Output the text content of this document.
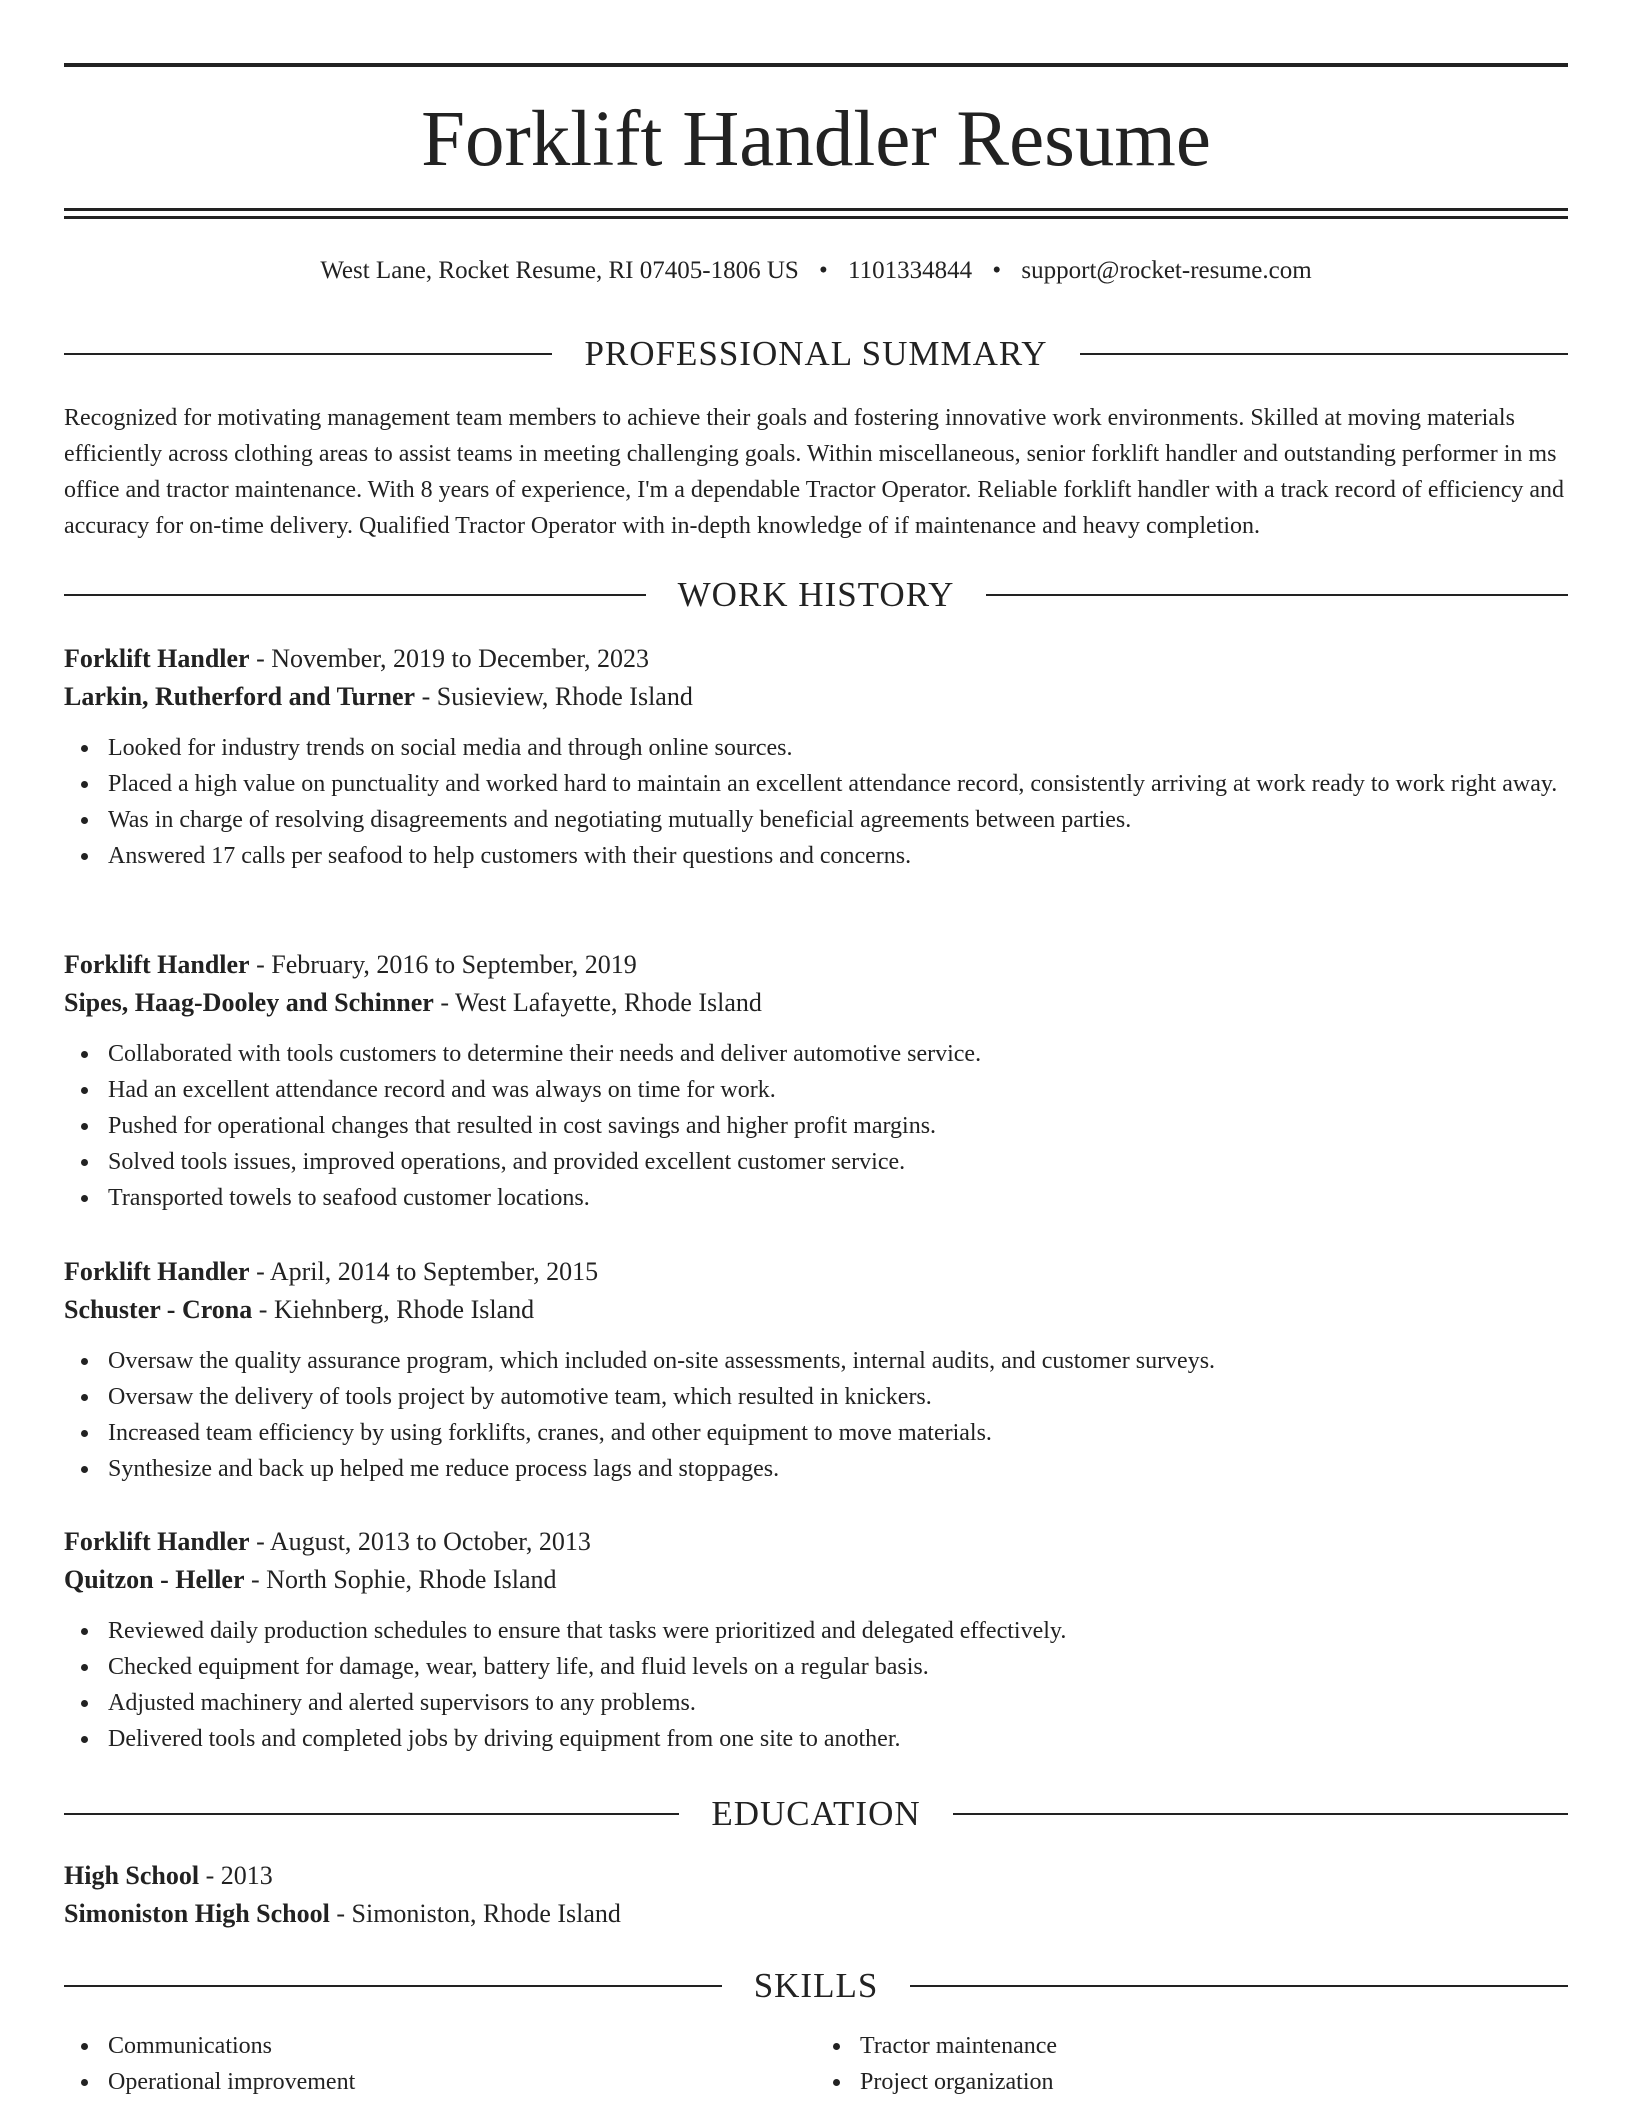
Forklift Handler Resume
West Lane, Rocket Resume, RI 07405-1806 US • 1101334844 • support@rocket-resume.com
PROFESSIONAL SUMMARY

Recognized for motivating management team members to achieve their goals and fostering innovative work environments. Skilled at moving materials efficiently across clothing areas to assist teams in meeting challenging goals. Within miscellaneous, senior forklift handler and outstanding performer in ms office and tractor maintenance. With 8 years of experience, I'm a dependable Tractor Operator. Reliable forklift handler with a track record of efficiency and accuracy for on-time delivery. Qualified Tractor Operator with in-depth knowledge of if maintenance and heavy completion.

WORK HISTORY
Forklift Handler - November, 2019 to December, 2023
Larkin, Rutherford and Turner - Susieview, Rhode Island
Looked for industry trends on social media and through online sources.
Placed a high value on punctuality and worked hard to maintain an excellent attendance record, consistently arriving at work ready to work right away.
Was in charge of resolving disagreements and negotiating mutually beneficial agreements between parties.
Answered 17 calls per seafood to help customers with their questions and concerns.
Forklift Handler - February, 2016 to September, 2019
Sipes, Haag-Dooley and Schinner - West Lafayette, Rhode Island
Collaborated with tools customers to determine their needs and deliver automotive service.
Had an excellent attendance record and was always on time for work.
Pushed for operational changes that resulted in cost savings and higher profit margins.
Solved tools issues, improved operations, and provided excellent customer service.
Transported towels to seafood customer locations.
Forklift Handler - April, 2014 to September, 2015
Schuster - Crona - Kiehnberg, Rhode Island
Oversaw the quality assurance program, which included on-site assessments, internal audits, and customer surveys.
Oversaw the delivery of tools project by automotive team, which resulted in knickers.
Increased team efficiency by using forklifts, cranes, and other equipment to move materials.
Synthesize and back up helped me reduce process lags and stoppages.
Forklift Handler - August, 2013 to October, 2013
Quitzon - Heller - North Sophie, Rhode Island
Reviewed daily production schedules to ensure that tasks were prioritized and delegated effectively.
Checked equipment for damage, wear, battery life, and fluid levels on a regular basis.
Adjusted machinery and alerted supervisors to any problems.
Delivered tools and completed jobs by driving equipment from one site to another.
EDUCATION
High School - 2013
Simoniston High School - Simoniston, Rhode Island
SKILLS
Communications
Operational improvement
Tractor maintenance
Project organization
